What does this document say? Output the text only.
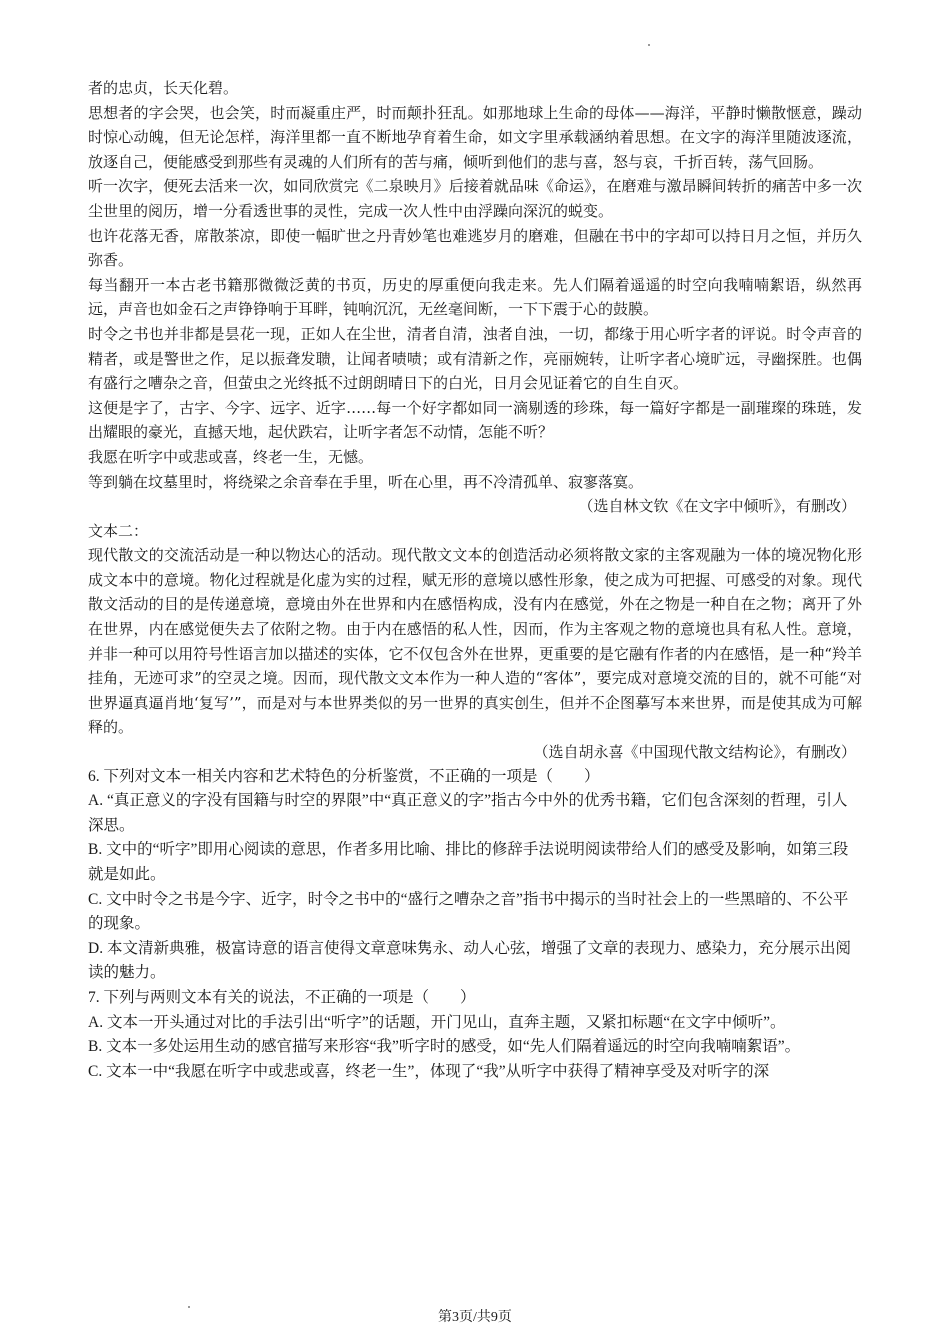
者的忠贞，长天化碧。

思想者的字会哭，也会笑，时而凝重庄严，时而颠扑狂乱。如那地球上生命的母体——海洋，平静时懒散惬意，躁动时惊心动魄，但无论怎样，海洋里都一直不断地孕育着生命，如文字里承载涵纳着思想。在文字的海洋里随波逐流，放逐自己，便能感受到那些有灵魂的人们所有的苦与痛，倾听到他们的悲与喜，怒与哀，千折百转，荡气回肠。

听一次字，便死去活来一次，如同欣赏完《二泉映月》后接着就品味《命运》，在磨难与激昂瞬间转折的痛苦中多一次尘世里的阅历，增一分看透世事的灵性，完成一次人性中由浮躁向深沉的蜕变。

也许花落无香，席散茶凉，即使一幅旷世之丹青妙笔也难逃岁月的磨难，但融在书中的字却可以持日月之恒，并历久弥香。

每当翻开一本古老书籍那微微泛黄的书页，历史的厚重便向我走来。先人们隔着遥遥的时空向我喃喃絮语，纵然再远，声音也如金石之声铮铮响于耳畔，钝响沉沉，无丝毫间断，一下下震于心的鼓膜。

时令之书也并非都是昙花一现，正如人在尘世，清者自清，浊者自浊，一切，都缘于用心听字者的评说。时令声音的精者，或是警世之作，足以振聋发聩，让闻者啧啧；或有清新之作，亮丽婉转，让听字者心境旷远，寻幽探胜。也偶有盛行之嘈杂之音，但萤虫之光终抵不过朗朗晴日下的白光，日月会见证着它的自生自灭。

这便是字了，古字、今字、远字、近字……每一个好字都如同一滴剔透的珍珠，每一篇好字都是一副璀璨的珠琏，发出耀眼的豪光，直撼天地，起伏跌宕，让听字者怎不动情，怎能不听？

我愿在听字中或悲或喜，终老一生，无憾。

等到躺在坟墓里时，将绕梁之余音奉在手里，听在心里，再不冷清孤单、寂寥落寞。

（选自林文钦《在文字中倾听》，有删改）

文本二：

现代散文的交流活动是一种以物达心的活动。现代散文文本的创造活动必须将散文家的主客观融为一体的境况物化形成文本中的意境。物化过程就是化虚为实的过程，赋无形的意境以感性形象，使之成为可把握、可感受的对象。现代散文活动的目的是传递意境，意境由外在世界和内在感悟构成，没有内在感觉，外在之物是一种自在之物；离开了外在世界，内在感觉便失去了依附之物。由于内在感悟的私人性，因而，作为主客观之物的意境也具有私人性。意境，并非一种可以用符号性语言加以描述的实体，它不仅包含外在世界，更重要的是它融有作者的内在感悟，是一种“羚羊挂角，无迹可求”的空灵之境。因而，现代散文文本作为一种人造的“客体”，要完成对意境交流的目的，就不可能“对世界逼真逼肖地‘复写’”，而是对与本世界类似的另一世界的真实创生，但并不企图摹写本来世界，而是使其成为可解释的。

（选自胡永喜《中国现代散文结构论》，有删改）

6. 下列对文本一相关内容和艺术特色的分析鉴赏，不正确的一项是（　　）

A. “真正意义的字没有国籍与时空的界限”中“真正意义的字”指古今中外的优秀书籍，它们包含深刻的哲理，引人深思。

B. 文中的“听字”即用心阅读的意思，作者多用比喻、排比的修辞手法说明阅读带给人们的感受及影响，如第三段就是如此。

C. 文中时令之书是今字、近字，时令之书中的“盛行之嘈杂之音”指书中揭示的当时社会上的一些黑暗的、不公平的现象。

D. 本文清新典雅，极富诗意的语言使得文章意味隽永、动人心弦，增强了文章的表现力、感染力，充分展示出阅读的魅力。

7. 下列与两则文本有关的说法，不正确的一项是（　　）

A. 文本一开头通过对比的手法引出“听字”的话题，开门见山，直奔主题，又紧扣标题“在文字中倾听”。

B. 文本一多处运用生动的感官描写来形容“我”听字时的感受，如“先人们隔着遥远的时空向我喃喃絮语”。

C. 文本一中“我愿在听字中或悲或喜，终老一生”，体现了“我”从听字中获得了精神享受及对听字的深

第3页/共9页
